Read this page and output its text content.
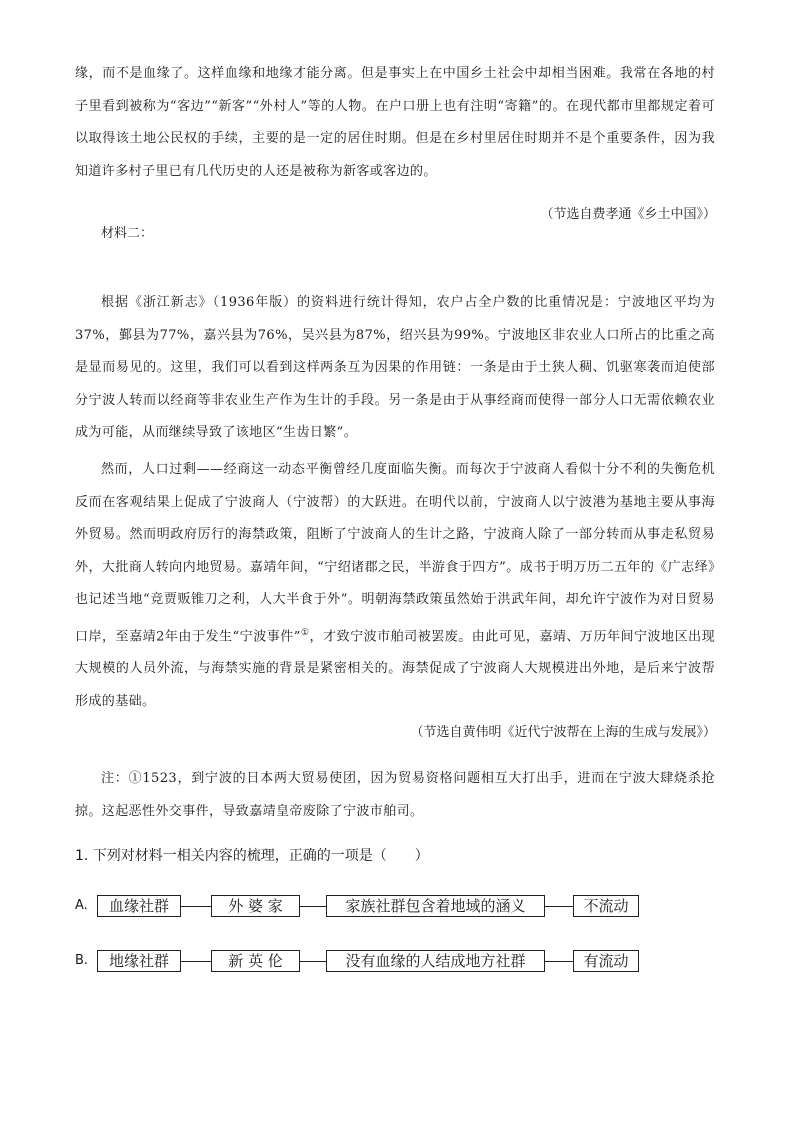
缘，而不是血缘了。这样血缘和地缘才能分离。但是事实上在中国乡土社会中却相当困难。我常在各地的村子里看到被称为“客边”“新客”“外村人”等的人物。在户口册上也有注明“寄籍”的。在现代都市里都规定着可以取得该土地公民权的手续，主要的是一定的居住时期。但是在乡村里居住时期并不是个重要条件，因为我知道许多村子里已有几代历史的人还是被称为新客或客边的。

（节选自费孝通《乡土中国》）

材料二：

根据《浙江新志》（1936年版）的资料进行统计得知，农户占全户数的比重情况是：宁波地区平均为37%，鄞县为77%，嘉兴县为76%，吴兴县为87%，绍兴县为99%。宁波地区非农业人口所占的比重之高是显而易见的。这里，我们可以看到这样两条互为因果的作用链：一条是由于土狭人稠、饥驱寒袭而迫使部分宁波人转而以经商等非农业生产作为生计的手段。另一条是由于从事经商而使得一部分人口无需依赖农业成为可能，从而继续导致了该地区“生齿日繁”。

然而，人口过剩——经商这一动态平衡曾经几度面临失衡。而每次于宁波商人看似十分不利的失衡危机反而在客观结果上促成了宁波商人（宁波帮）的大跃进。在明代以前，宁波商人以宁波港为基地主要从事海外贸易。然而明政府厉行的海禁政策，阻断了宁波商人的生计之路，宁波商人除了一部分转而从事走私贸易外，大批商人转向内地贸易。嘉靖年间，“宁绍诸郡之民，半游食于四方”。成书于明万历二五年的《广志绎》也记述当地“竞贾贩锥刀之利，人大半食于外”。明朝海禁政策虽然始于洪武年间，却允许宁波作为对日贸易口岸，至嘉靖2年由于发生“宁波事件”①，才致宁波市舶司被罢废。由此可见，嘉靖、万历年间宁波地区出现大规模的人员外流，与海禁实施的背景是紧密相关的。海禁促成了宁波商人大规模进出外地，是后来宁波帮形成的基础。

（节选自黄伟明《近代宁波帮在上海的生成与发展》）

注：①1523，到宁波的日本两大贸易使团，因为贸易资格问题相互大打出手，进而在宁波大肆烧杀抢掠。这起恶性外交事件，导致嘉靖皇帝废除了宁波市舶司。

1. 下列对材料一相关内容的梳理，正确的一项是（　　）

A.	血缘社群	外 婆 家	家族社群包含着地域的涵义	不流动
B.	地缘社群	新 英 伦	没有血缘的人结成地方社群	有流动
